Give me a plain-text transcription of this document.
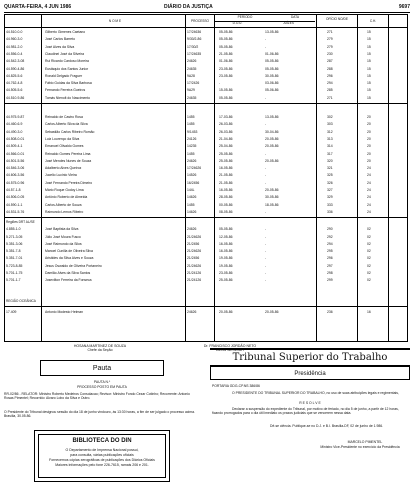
QUARTA-FEIRA, 4 JUN 1986	DIÁRIO DA JUSTIÇA	9697
N O M E	PROCESSO
PERÍODO	DATA
D.O.U.	JUÍZES
OFÍCIO NO/DE	C.H.
44.510-0-0	Gilberto Gimenes Caetano	17/24636	05-05-86	13-05-86	271	15
44.960-3-0	José Carlos Barreto	9/30/2-86	05-05-86	-	279	15
44.981-2-0	José Alves da Silva	17/30/2	05-05-86	-	279	15
44.556-0-4	Claudinei José da Silveira	17/24635	21-05-86	01-06-86	230	15
44.542-3-08	Rui Ricardo Cardoso Moreira	24626	01-06-86	05-05-86	287	15
44.590-4-86	Eustáquio dos Santos Junior	24635	23-05-86	05-05-86	288	15
44.825-5-6	Ronald Delgado Fraguer	9A28	23-05-86	30-05-86	296	15
44.762-4-8	Fábio Guidas da Silva Barbosa	17/2426	-	03-06-86	294	15
44.505-5-6	Fernando Ferreira Gueiros	9A29	15-05-86	05-06-86	285	15
44.510-9-86	Tomás Nienolt do Nascimento	24635	05-05-86	-	271	15
44.975-9-87	Reinaldo de Castro Rosa	1455	17-03-86	13-05-86	302	20
44.460-6-9	Carlos Alberto Silva da Silva	1455	26-03-86	-	303	20
44.490-3-0	Sebastião Carlos Ribeiro Romão	9/1453	26-03-86	30-04-86	312	20
44.508-0-01	Luiz Lourenço da Silva	24126	21-04-86	20-05-86	313	20
44.509-4-1	Emanuel Olivaldo Gomes	14235	25-04-86	20-05-86	314	20
44.566-0-01	Reinaldo Gomes Pereira Lima	1455	25-05-86	-	317	20
44.501-5-56	José Mendes Nunes de Souza	24626	25-05-86	20-05-86	320	20
44.546-3-06	Adalberto Alves Queiroz	17/24626	16-05-86	-	321	24
44.606-3-56	Jucelio Lucinio Vieira	14526	21-05-86	-	325	24
44.575-0-96	José Fernando Pereira Dimeiro	16/2456	21-05-86	-	326	24
44.57-1-8	Mário Roque Godoy Lima	144L	16-05-86	20-05-86	327	24
44.506-0-05	Antônio Roberto de Almeida	14626	28-05-86	30-05-86	329	24
44.590-1-1	Carlos Alberto de Souza	1455	00-05-86	18-05-86	333	24
44.531-5-76	Raimundo Lemos Ribeiro	14626	08-05-86	-	336	24
Regiões DRT AL/SE
4.855-1-0	José Baptista da Silva	24626	05-05-86	-	290	02
5.271-3-05	Júlio José Moura Fusco	21/24626	12-05-86	-	292	02
5.351-3-06	José Raimundo da Silva	21/2456	16-05-86	-	294	02
5.351-7-8	Manoel Cunilla de Oliveira Silva	21/24626	16-05-86	-	295	02
5.351-7-01	Aristides da Silva Alves e Souza	21/2456	19-05-86	-	296	02
5.723-8-85	Jesus Oswaldo de Oliveira Portaneiro	21/24626	19-05-86	-	297	02
5.701-1-75	Damião Alves da Silva Santos	21/24126	23-05-86	-	298	02
5.701-1-7	Josevilton Ferreira da Fonseca	21/24126	25-05-86	-	299	02
REGIÃO OCEÂNICA
17.409	Antonio Modesto Helman	24626	20-05-86	20-05-86	236	16
HOSANA MARTINEZ DE SOUZA
Chefe da Seção
Dr. FRANCISCO JORDÃO NETO
Diretor da SEJUR
Pauta
PAUTA N.º
PROCESSO POSTO EM PAUTA
RR-02/86 - RELATOR: Ministro Roberto Medeiros Consolacao; Revisor: Ministro Fondo Cezar Cotinho; Recorrente: Antonio Rosas Pimentel; Recorrido: Alvaro Lobo da Silva e Outro.
O Presidente do Tribunal designou sessão do dia 18 de junho vindouro, às 13:30 horas, a fim de ser julgado o processo acima. Brasília, 30.05.86.
BIBLIOTECA DO DIN
O Departamento de Imprensa Nacional possui,
para consulta, várias publicações oficiais
Fornecemos cópias xerográficas de publicações dos Diários Oficiais
Maiores informações pelo fone 226-7615, ramais 206 e 201.
Tribunal Superior do Trabalho
Presidência
PORTARIA GDG-CP.NS 386/86
O PRESIDENTE DO TRIBUNAL SUPERIOR DO TRABALHO, no uso de suas atribuições legais e regimentais,
R E S O L V E
Declarar a suspensão do expediente do Tribunal, por motivo de feriado, no dia 5 de junho, a partir de 12 horas, ficando prorrogados para o dia útil imediato os prazos judiciais que se vencerem nessa data.
Dê-se ciência. Publique-se no D.J. e B.I. Brasília-DF, 02 de junho de 1.986.
MARCELO PIMENTEL
Ministro Vice-Presidente no exercício da Presidência
